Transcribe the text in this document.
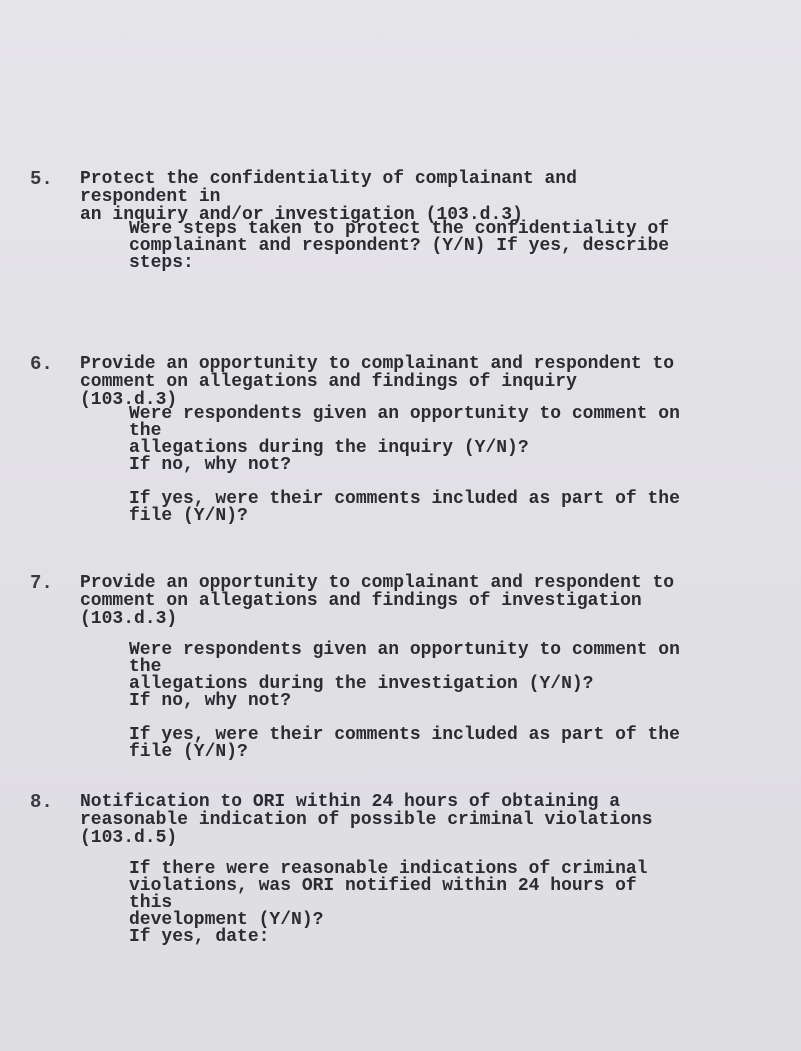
5. Protect the confidentiality of complainant and respondent in
an inquiry and/or investigation (103.d.3)
Were steps taken to protect the confidentiality of
complainant and respondent? (Y/N) If yes, describe
steps:
6. Provide an opportunity to complainant and respondent to
comment on allegations and findings of inquiry (103.d.3)
Were respondents given an opportunity to comment on the
allegations during the inquiry (Y/N)?
If no, why not?
If yes, were their comments included as part of the
file (Y/N)?
7. Provide an opportunity to complainant and respondent to
comment on allegations and findings of investigation
(103.d.3)
Were respondents given an opportunity to comment on the
allegations during the investigation (Y/N)?
If no, why not?
If yes, were their comments included as part of the
file (Y/N)?
8. Notification to ORI within 24 hours of obtaining a
reasonable indication of possible criminal violations
(103.d.5)
If there were reasonable indications of criminal
violations, was ORI notified within 24 hours of this
development (Y/N)?
If yes, date:
